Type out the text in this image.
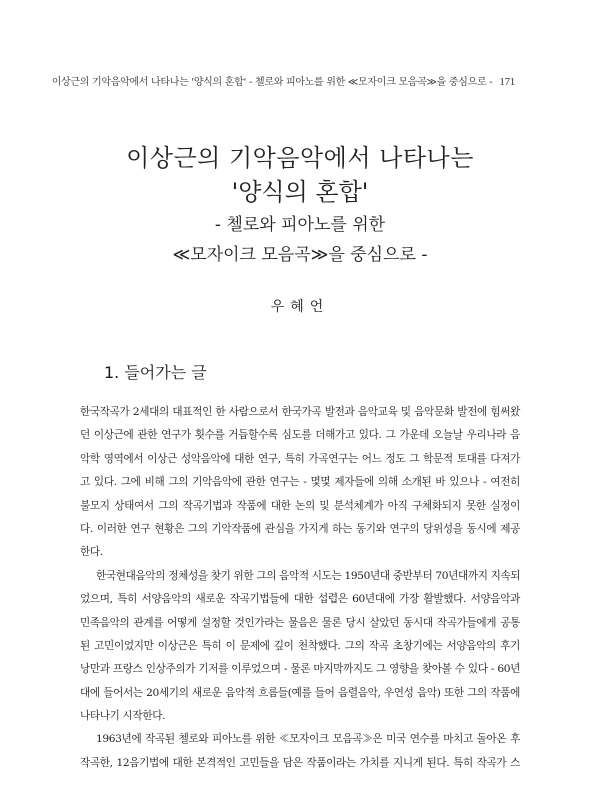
이상근의 기악음악에서 나타나는 '양식의 혼합' - 첼로와 피아노를 위한 ≪모자이크 모음곡≫을 중심으로 - 171
이상근의 기악음악에서 나타나는
'양식의 혼합'
- 첼로와 피아노를 위한
≪모자이크 모음곡≫을 중심으로 -
우혜언
1. 들어가는 글
한국작곡가 2세대의 대표적인 한 사람으로서 한국가곡 발전과 음악교육 및 음악문화 발전에 힘써왔
던 이상근에 관한 연구가 횟수를 거듭할수록 심도를 더해가고 있다. 그 가운데 오늘날 우리나라 음
악학 영역에서 이상근 성악음악에 대한 연구, 특히 가곡연구는 어느 정도 그 학문적 토대를 다져가
고 있다. 그에 비해 그의 기악음악에 관한 연구는 - 몇몇 제자들에 의해 소개된 바 있으나 - 여전히
불모지 상태여서 그의 작곡기법과 작품에 대한 논의 및 분석체계가 아직 구체화되지 못한 실정이
다. 이러한 연구 현황은 그의 기악작품에 관심을 가지게 하는 동기와 연구의 당위성을 동시에 제공
한다.
한국현대음악의 정체성을 찾기 위한 그의 음악적 시도는 1950년대 중반부터 70년대까지 지속되
었으며, 특히 서양음악의 새로운 작곡기법들에 대한 섭렵은 60년대에 가장 활발했다. 서양음악과
민족음악의 관계를 어떻게 설정할 것인가라는 물음은 물론 당시 살았던 동시대 작곡가들에게 공통
된 고민이었지만 이상근은 특히 이 문제에 깊이 천착했다. 그의 작곡 초창기에는 서양음악의 후기
낭만과 프랑스 인상주의가 기저를 이루었으며 - 물론 마지막까지도 그 영향을 찾아볼 수 있다 - 60년
대에 들어서는 20세기의 새로운 음악적 흐름들(예를 들어 음렬음악, 우연성 음악) 또한 그의 작품에
나타나기 시작한다.
1963년에 작곡된 첼로와 피아노를 위한 ≪모자이크 모음곡≫은 미국 연수를 마치고 돌아온 후
작곡한, 12음기법에 대한 본격적인 고민들을 담은 작품이라는 가치를 지니게 된다. 특히 작곡가 스
